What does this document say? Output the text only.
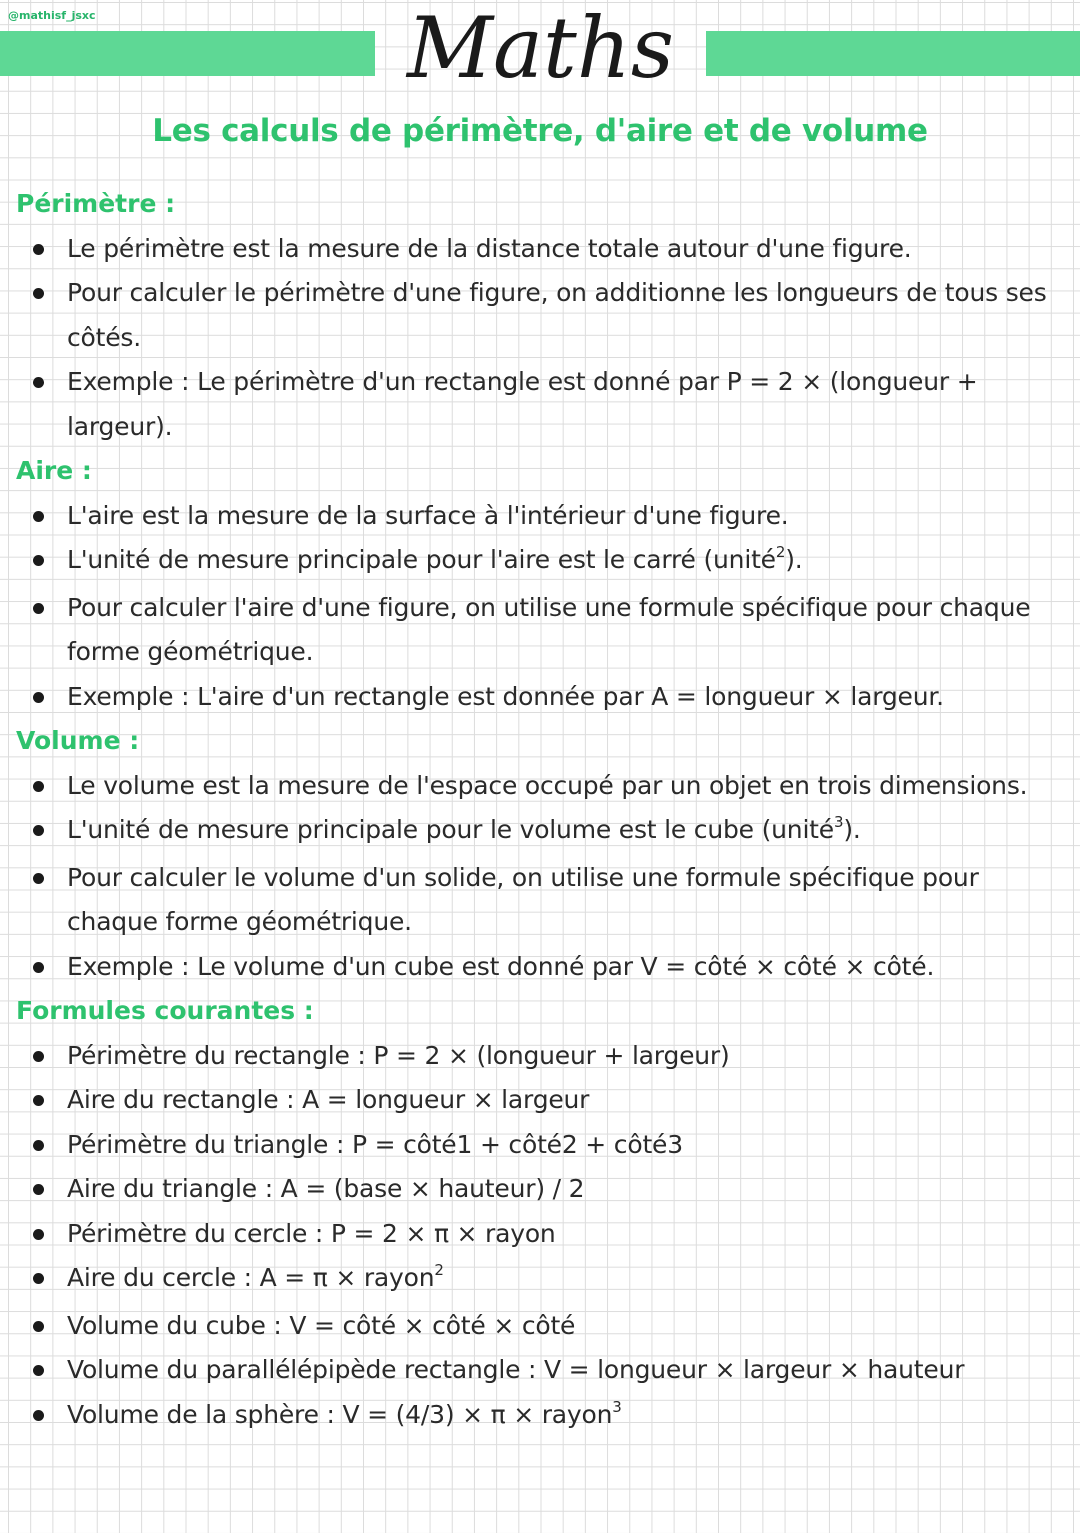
@mathisf_jsxc	Maths
Les calculs de périmètre, d'aire et de volume
Périmètre :
Le périmètre est la mesure de la distance totale autour d'une figure.
Pour calculer le périmètre d'une figure, on additionne les longueurs de tous ses côtés.
Exemple : Le périmètre d'un rectangle est donné par P = 2 × (longueur + largeur).
Aire :
L'aire est la mesure de la surface à l'intérieur d'une figure.
L'unité de mesure principale pour l'aire est le carré (unité$^2$).
Pour calculer l'aire d'une figure, on utilise une formule spécifique pour chaque forme géométrique.
Exemple : L'aire d'un rectangle est donnée par A = longueur × largeur.
Volume :
Le volume est la mesure de l'espace occupé par un objet en trois dimensions.
L'unité de mesure principale pour le volume est le cube (unité$^3$).
Pour calculer le volume d'un solide, on utilise une formule spécifique pour chaque forme géométrique.
Exemple : Le volume d'un cube est donné par V = côté × côté × côté.
Formules courantes :
Périmètre du rectangle : P = 2 × (longueur + largeur)
Aire du rectangle : A = longueur × largeur
Périmètre du triangle : P = côté1 + côté2 + côté3
Aire du triangle : A = (base × hauteur) / 2
Périmètre du cercle : P = 2 × π × rayon
Aire du cercle : A = π × rayon$^2$
Volume du cube : V = côté × côté × côté
Volume du parallélépipède rectangle : V = longueur × largeur × hauteur
Volume de la sphère : V = (4/3) × π × rayon$^3$
